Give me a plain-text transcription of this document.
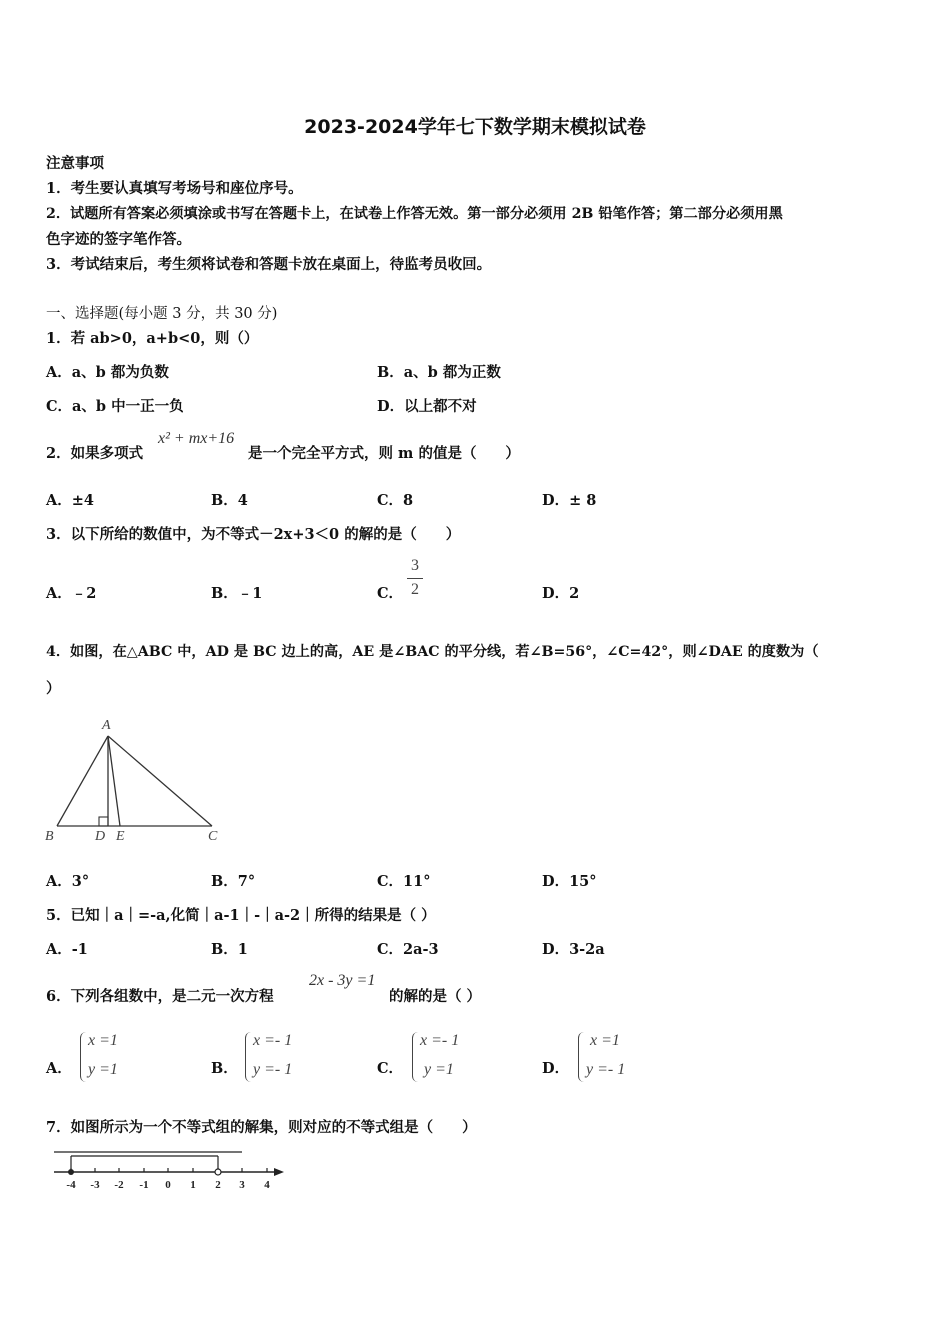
2023-2024学年七下数学期末模拟试卷
注意事项
1．考生要认真填写考场号和座位序号。
2．试题所有答案必须填涂或书写在答题卡上，在试卷上作答无效。第一部分必须用 2B 铅笔作答；第二部分必须用黑
色字迹的签字笔作答。
3．考试结束后，考生须将试卷和答题卡放在桌面上，待监考员收回。
一、选择题(每小题 3 分，共 30 分)
1．若 ab>0，a+b<0，则（）
A．a、b 都为负数	B．a、b 都为正数
C．a、b 中一正一负	D．以上都不对
2．如果多项式
x² + mx+16
是一个完全平方式，则 m 的值是（　　）
A．±4	B．4	C．8	D．± 8
3．以下所给的数值中，为不等式－2x+3＜0 的解的是（　　）
A．﹣2	B．﹣1	C．
3
2	D．2
4．如图，在△ABC 中，AD 是 BC 边上的高，AE 是∠BAC 的平分线，若∠B=56°，∠C=42°，则∠DAE 的度数为（
）
A
B	D E	C
A．3°	B．7°	C．11°	D．15°
5．已知｜a｜=-a,化简｜a-1｜-｜a-2｜所得的结果是（ ）
A．-1	B．1	C．2a-3	D．3-2a
6．下列各组数中，是二元一次方程
2x - 3y =1
的解的是（ ）
A．
x =1
y =1	B．
x =- 1
y =- 1	C．
x =- 1
y =1	D．
x =1
y =- 1
7．如图所示为一个不等式组的解集，则对应的不等式组是（　　）
-4 -3 -2 -1 0 1 2 3 4
